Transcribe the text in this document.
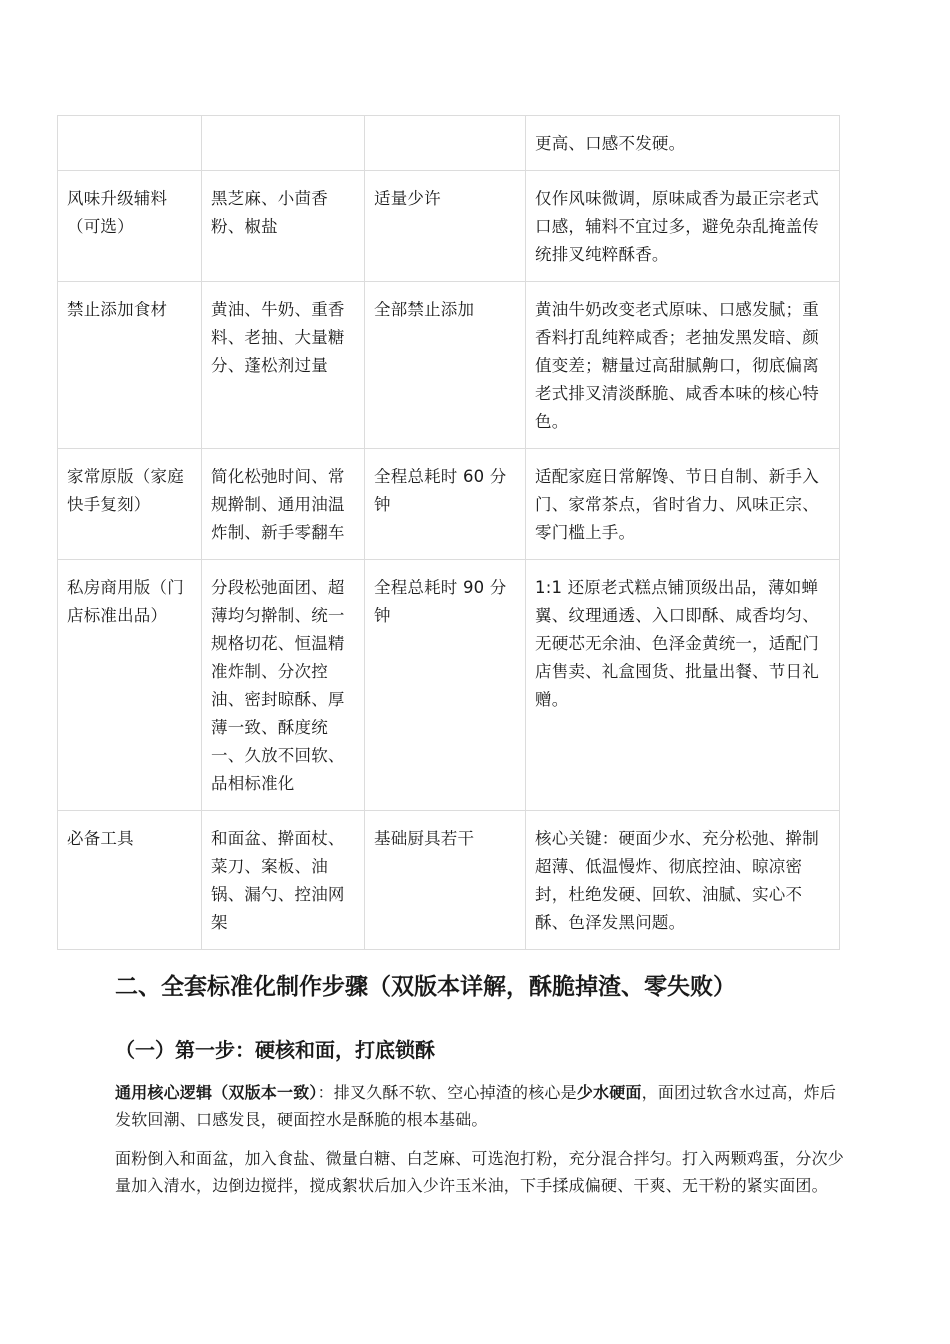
			更高、口感不发硬。
风味升级辅料（可选）	黑芝麻、小茴香粉、椒盐	适量少许	仅作风味微调，原味咸香为最正宗老式口感，辅料不宜过多，避免杂乱掩盖传统排叉纯粹酥香。
禁止添加食材	黄油、牛奶、重香料、老抽、大量糖分、蓬松剂过量	全部禁止添加	黄油牛奶改变老式原味、口感发腻；重香料打乱纯粹咸香；老抽发黑发暗、颜值变差；糖量过高甜腻齁口，彻底偏离老式排叉清淡酥脆、咸香本味的核心特色。
家常原版（家庭快手复刻）	简化松弛时间、常规擀制、通用油温炸制、新手零翻车	全程总耗时 60 分钟	适配家庭日常解馋、节日自制、新手入门、家常茶点，省时省力、风味正宗、零门槛上手。
私房商用版（门店标准出品）	分段松弛面团、超薄均匀擀制、统一规格切花、恒温精准炸制、分次控油、密封晾酥、厚薄一致、酥度统一、久放不回软、品相标准化	全程总耗时 90 分钟	1:1 还原老式糕点铺顶级出品，薄如蝉翼、纹理通透、入口即酥、咸香均匀、无硬芯无余油、色泽金黄统一，适配门店售卖、礼盒囤货、批量出餐、节日礼赠。
必备工具	和面盆、擀面杖、菜刀、案板、油锅、漏勺、控油网架	基础厨具若干	核心关键：硬面少水、充分松弛、擀制超薄、低温慢炸、彻底控油、晾凉密封，杜绝发硬、回软、油腻、实心不酥、色泽发黑问题。
二、全套标准化制作步骤（双版本详解，酥脆掉渣、零失败）
（一）第一步：硬核和面，打底锁酥

通用核心逻辑（双版本一致）：排叉久酥不软、空心掉渣的核心是少水硬面，面团过软含水过高，炸后发软回潮、口感发艮，硬面控水是酥脆的根本基础。

面粉倒入和面盆，加入食盐、微量白糖、白芝麻、可选泡打粉，充分混合拌匀。打入两颗鸡蛋，分次少量加入清水，边倒边搅拌，搅成絮状后加入少许玉米油，下手揉成偏硬、干爽、无干粉的紧实面团。
